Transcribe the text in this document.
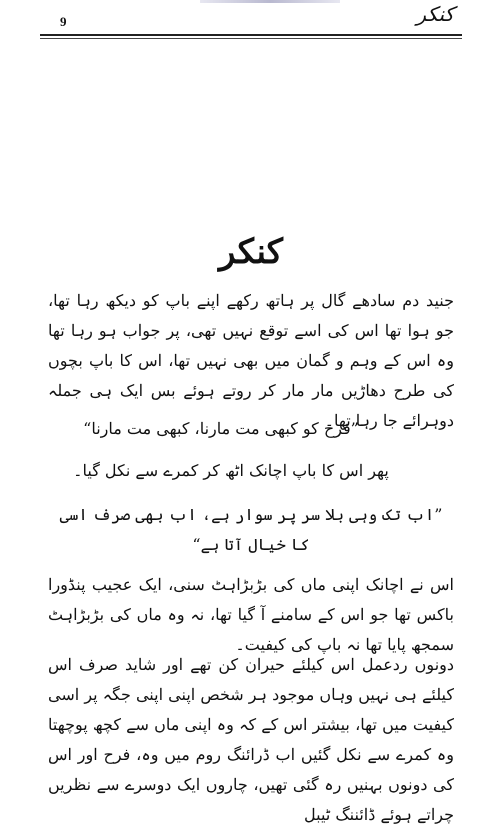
کنکر
9
کنکر
جنید دم سادھے گال پر ہاتھ رکھے اپنے باپ کو دیکھ رہا تھا، جو ہوا تھا اس کی اسے توقع نہیں تھی، پر جواب ہو رہا تھا وہ اس کے وہم و گمان میں بھی نہیں تھا، اس کا باپ بچوں کی طرح دھاڑیں مار مار کر روتے ہوئے بس ایک ہی جملہ دوہرائے جا رہا تھا۔
”فرح کو کبھی مت مارنا، کبھی مت مارنا“
پھر اس کا باپ اچانک اٹھ کر کمرے سے نکل گیا۔
”اب تک وہی بلا سر پر سوار ہے، اب بھی صرف اسی کا خیال آتا ہے“
اس نے اچانک اپنی ماں کی بڑبڑاہٹ سنی، ایک عجیب پنڈورا باکس تھا جو اس کے سامنے آ گیا تھا، نہ وہ ماں کی بڑبڑاہٹ سمجھ پایا تھا نہ باپ کی کیفیت۔
دونوں ردعمل اس کیلئے حیران کن تھے اور شاید صرف اس کیلئے ہی نہیں وہاں موجود ہر شخص اپنی اپنی جگہ پر اسی کیفیت میں تھا، بیشتر اس کے کہ وہ اپنی ماں سے کچھ پوچھتا وہ کمرے سے نکل گئیں اب ڈرائنگ روم میں وہ، فرح اور اس کی دونوں بہنیں رہ گئی تھیں، چاروں ایک دوسرے سے نظریں چراتے ہوئے ڈائننگ ٹیبل
